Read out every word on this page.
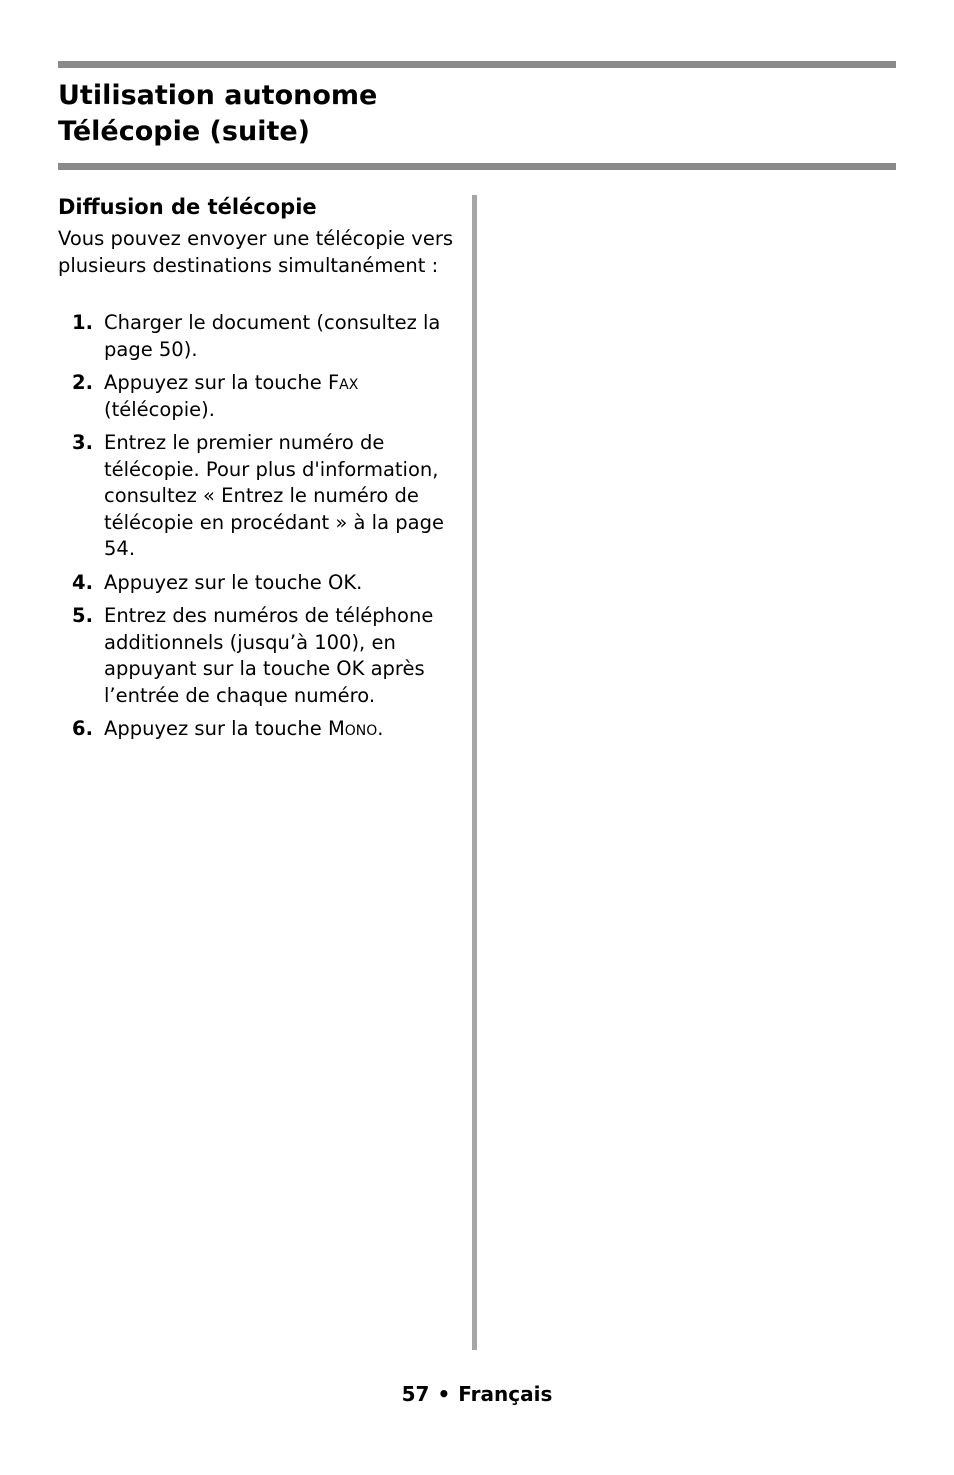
Utilisation autonome
Télécopie (suite)
Diffusion de télécopie

Vous pouvez envoyer une télécopie vers plusieurs destinations simultanément :

1. Charger le document (consultez la page 50).
2. Appuyez sur la touche Fax (télécopie).
3. Entrez le premier numéro de télécopie. Pour plus d'information, consultez « Entrez le numéro de télécopie en procédant » à la page 54.
4. Appuyez sur le touche OK.
5. Entrez des numéros de téléphone additionnels (jusqu’à 100), en appuyant sur la touche OK après l’entrée de chaque numéro.
6. Appuyez sur la touche Mono.
57 • Français
